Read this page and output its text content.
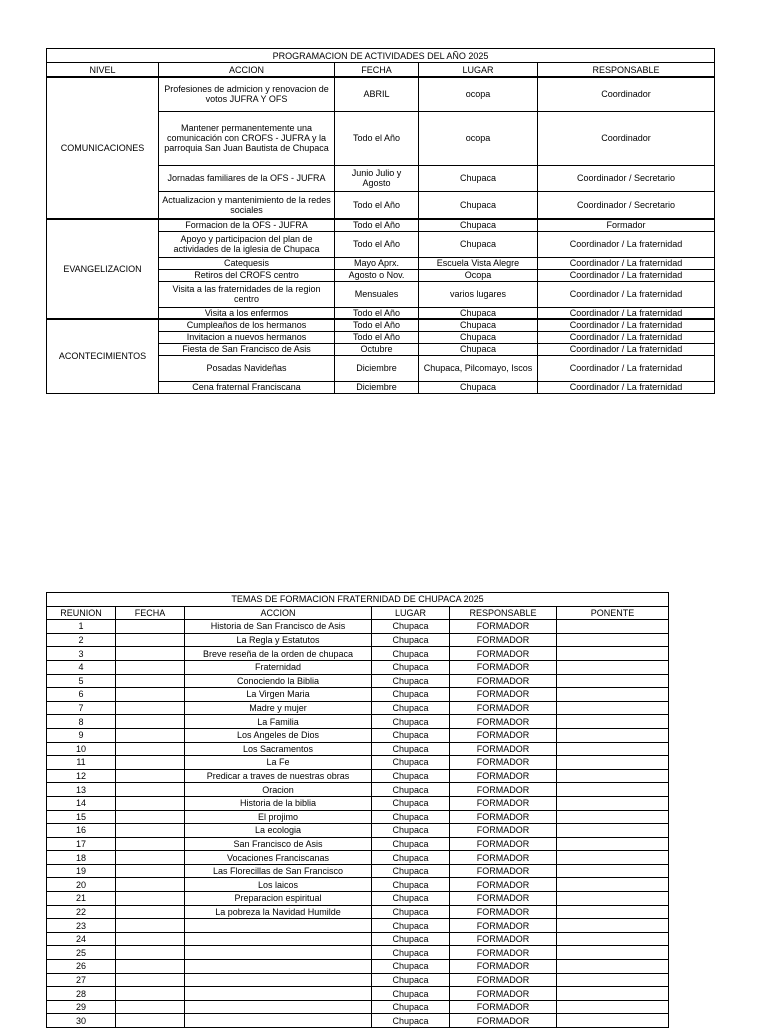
PROGRAMACION DE ACTIVIDADES DEL AÑO 2025				
NIVEL	ACCION	FECHA	LUGAR	RESPONSABLE
COMUNICACIONES	Profesiones de admicion y renovacion de votos JUFRA Y OFS	ABRIL	ocopa	Coordinador
	Mantener permanentemente una comunicación con CROFS - JUFRA y la parroquia San Juan Bautista de Chupaca	Todo el Año	ocopa	Coordinador
	Jornadas familiares de la OFS - JUFRA	Junio Julio y Agosto	Chupaca	Coordinador / Secretario
	Actualizacion y mantenimiento de la redes sociales	Todo el Año	Chupaca	Coordinador / Secretario
EVANGELIZACION	Formacion de la OFS - JUFRA	Todo el Año	Chupaca	Formador
	Apoyo y participacion del plan de actividades de la iglesia de Chupaca	Todo el Año	Chupaca	Coordinador / La fraternidad
	Catequesis	Mayo Aprx.	Escuela Vista Alegre	Coordinador / La fraternidad
	Retiros del CROFS centro	Agosto o Nov.	Ocopa	Coordinador / La fraternidad
	Visita a las fraternidades de la region centro	Mensuales	varios lugares	Coordinador / La fraternidad
	Visita a los enfermos	Todo el Año	Chupaca	Coordinador / La fraternidad
ACONTECIMIENTOS	Cumpleaños de los hermanos	Todo el Año	Chupaca	Coordinador / La fraternidad
	Invitacion a nuevos hermanos	Todo el Año	Chupaca	Coordinador / La fraternidad
	Fiesta de San Francisco de Asis	Octubre	Chupaca	Coordinador / La fraternidad
	Posadas Navideñas	Diciembre	Chupaca, Pilcomayo, Iscos	Coordinador / La fraternidad
	Cena fraternal Franciscana	Diciembre	Chupaca	Coordinador / La fraternidad
TEMAS DE FORMACION FRATERNIDAD DE CHUPACA 2025					
REUNION	FECHA	ACCION	LUGAR	RESPONSABLE	PONENTE
1		Historia de San Francisco de Asis	Chupaca	FORMADOR	
2		La Regla y Estatutos	Chupaca	FORMADOR	
3		Breve reseña de la orden de chupaca	Chupaca	FORMADOR	
4		Fraternidad	Chupaca	FORMADOR	
5		Conociendo la Biblia	Chupaca	FORMADOR	
6		La Virgen Maria	Chupaca	FORMADOR	
7		Madre y mujer	Chupaca	FORMADOR	
8		La Familia	Chupaca	FORMADOR	
9		Los Angeles de Dios	Chupaca	FORMADOR	
10		Los Sacramentos	Chupaca	FORMADOR	
11		La Fe	Chupaca	FORMADOR	
12		Predicar a traves de nuestras obras	Chupaca	FORMADOR	
13		Oracion	Chupaca	FORMADOR	
14		Historia de la biblia	Chupaca	FORMADOR	
15		El projimo	Chupaca	FORMADOR	
16		La ecologia	Chupaca	FORMADOR	
17		San Francisco de Asis	Chupaca	FORMADOR	
18		Vocaciones Franciscanas	Chupaca	FORMADOR	
19		Las Florecillas de San Francisco	Chupaca	FORMADOR	
20		Los laicos	Chupaca	FORMADOR	
21		Preparacion espiritual	Chupaca	FORMADOR	
22		La pobreza la Navidad Humilde	Chupaca	FORMADOR	
23			Chupaca	FORMADOR	
24			Chupaca	FORMADOR	
25			Chupaca	FORMADOR	
26			Chupaca	FORMADOR	
27			Chupaca	FORMADOR	
28			Chupaca	FORMADOR	
29			Chupaca	FORMADOR	
30			Chupaca	FORMADOR	
